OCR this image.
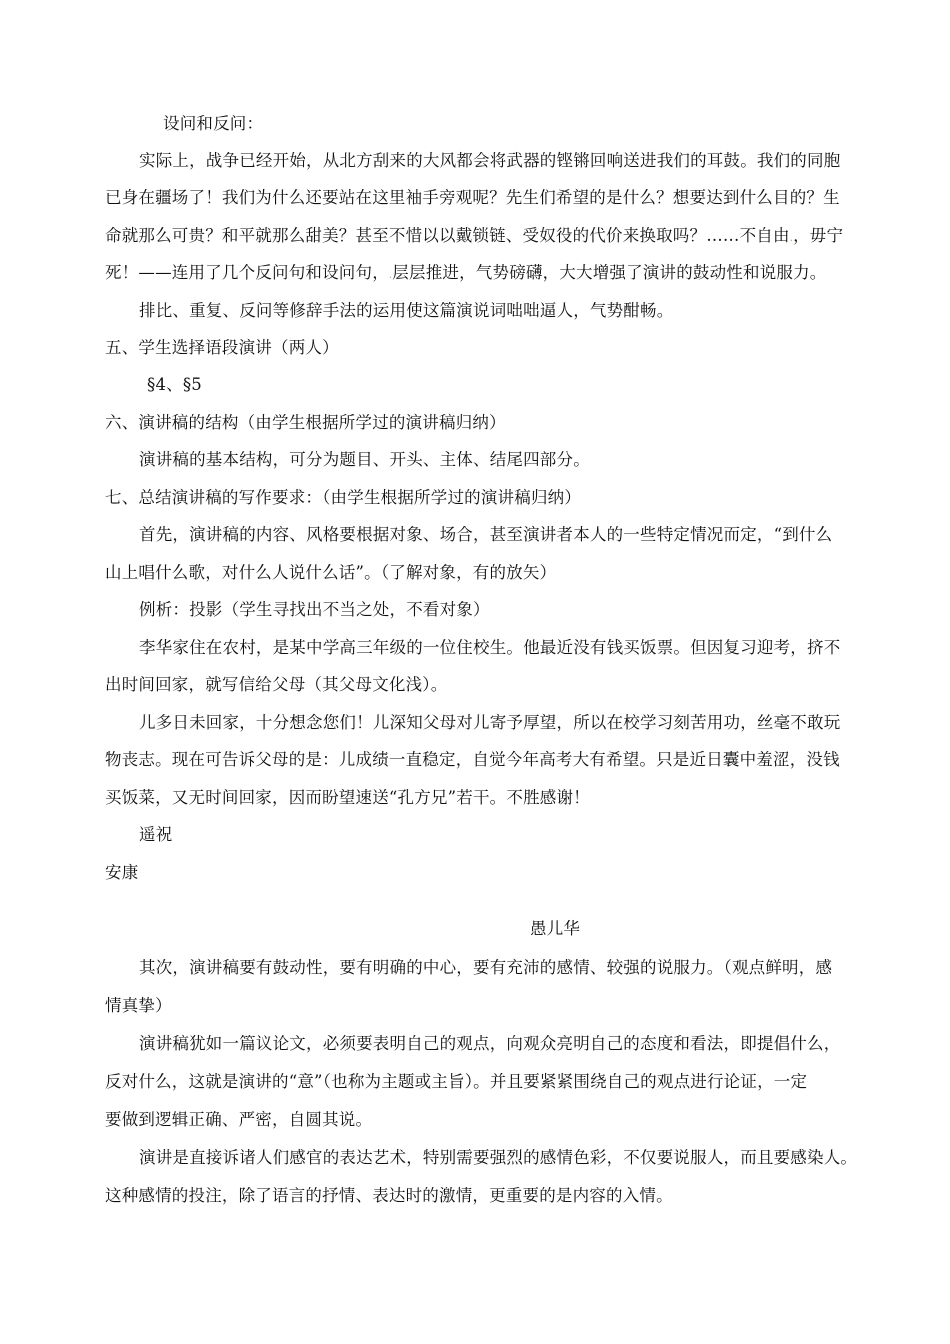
设问和反问：
实际上，战争已经开始，从北方刮来的大风都会将武器的铿锵回响送进我们的耳鼓。我们的同胞
已身在疆场了！我们为什么还要站在这里袖手旁观呢？先生们希望的是什么？想要达到什么目的？生
命就那么可贵？和平就那么甜美？甚至不惜以以戴锁链、受奴役的代价来换取吗？……不自由.，毋宁
死！——连用了几个反问句和设问句，.层层推进，气势磅礴，大大增强了演讲的鼓动性和说服力。
排比、重复、反问等修辞手法的运用使这篇演说词咄咄逼人，气势酣畅。
五、学生选择语段演讲（两人）
§4、§5
六、演讲稿的结构（由学生根据所学过的演讲稿归纳）
演讲稿的基本结构，可分为题目、开头、主体、结尾四部分。
七、总结演讲稿的写作要求：（由学生根据所学过的演讲稿归纳）
首先，演讲稿的内容、风格要根据对象、场合，甚至演讲者本人的一些特定情况而定，“到什么
山上唱什么歌，对什么人说什么话”。（了解对象，有的放矢）
例析：投影（学生寻找出不当之处，不看对象）
李华家住在农村，是某中学高三年级的一位住校生。他最近没有钱买饭票。但因复习迎考，挤不
出时间回家，就写信给父母（其父母文化浅）。
儿多日未回家，十分想念您们！儿深知父母对儿寄予厚望，所以在校学习刻苦用功，丝毫不敢玩
物丧志。现在可告诉父母的是：儿成绩一直稳定，自觉今年高考大有希望。只是近日囊中羞涩，没钱
买饭菜，又无时间回家，因而盼望速送“孔方兄”若干。不胜感谢！
遥祝
安康
愚儿华
其次，演讲稿要有鼓动性，要有明确的中心，要有充沛的感情、较强的说服力。（观点鲜明，感
情真挚）
演讲稿犹如一篇议论文，必须要表明自己的观点，向观众亮明自己的态度和看法，即提倡什么，
反对什么，这就是演讲的“意”（也称为主题或主旨）。并且要紧紧围绕自己的观点进行论证，一定
要做到逻辑正确、严密，自圆其说。
演讲是直接诉诸人们感官的表达艺术，特别需要强烈的感情色彩，不仅要说服人，而且要感染人。
这种感情的投注，除了语言的抒情、表达时的激情，更重要的是内容的入情。
